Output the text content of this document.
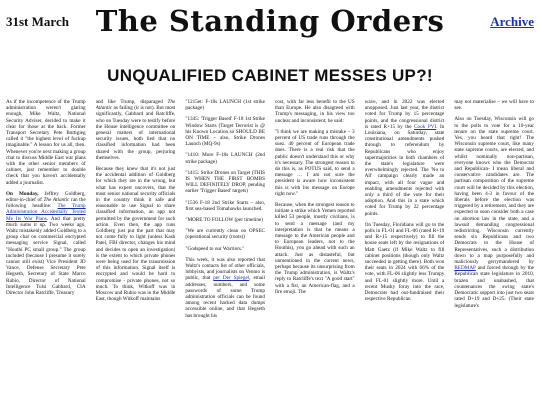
31st March The Standing Orders	Archive
UNQUALIFIED CABINET MESSES UP?!

As if the incompetence of the Trump administration weren't glaring enough, Mike Waltz, National Security Adviser, decided to make it clear for those at the back. Former Transport Secretary Pete Buttigieg called it "the highest level of fuckup imaginable." A lesson for us all, then. Whenever you're next making a group chat to discuss Middle East war plans with the other senior members of cabinet, just remember to double check that you haven't accidentally added a journalist.

On Monday, Jeffrey Goldberg, editor-in-chief of The Atlantic ran the following headline: The Trump Administration Accidentally Texted Me Its War Plans. And that pretty much sums it up. Two weeks ago, Waltz mistakenly added Goldberg to a group chat on commercial encrypted messaging service Signal, called "Houthi PC small group." The group included (because I presume it surely cannot still exist) Vice President JD Vance, Defense Secretary Pete Hegseth, Secretary of State Marco Rubio, Director of National Intelligence Tulsi Gabbard, CIA Director John Ratcliffe, Treasury

and like Trump, disparaged The Atlantic as failing (it is not). But most significantly, Gabbard and Ratcliffe, who on Tuesday were to testify before the House intelligence committee on general matters of international security issues, both lied that no classified information had been shared with the group, perjuring themselves.

Because they knew that it's not just the accidental addition of Goldberg for which they are in the wrong, but what has expert uncovers, that the most senior national security officials in the country think it safe and reasonable to use Signal to share classified information, an app not permitted by the government for such action. Even then, the app runs Goldberg just put the part that may not come fully to light (unless Kash Patel, FBI director, changes his mind and decides to open an investigation) is the extent to which private phones were being used for the transmission of this information. Signal itself is encrypted and would be hard to compromise - private phones, not so much. To think, Witkoff was in Moscow and Rubio was in the Middle East, though Witkoff maintains

"1215et: F-18s LAUNCH (1st strike package)

"1345: 'Trigger Based' F-18 1st Strike Window Starts (Target Terrorist is @ his Known Location so SHOULD BE ON TIME – also, Strike Drones Launch (MQ-9s)

"1410: More F-18s LAUNCH (2nd strike package)

"1415: Strike Drones on Target (THIS IS WHEN THE FIRST BOMBS WILL DEFINITELY DROP, pending earlier 'Trigger Based' targets)

"1536 F-18 2nd Strike Starts – also, first sea-based Tomahawks launched.

"MORE TO FOLLOW (per timeline)

"We are currently clean on OPSEC (operational security (roots))

"Godspeed to our Warriors."

This week, it was also reported that Waltz's contacts list of other officials, lobbyists, and journalists on Venmo is public, that per Der Spiegel, email addresses, numbers, and some passwords of some Trump administration officials can be found among recent hacked data dumps accessible online, and that Hegseth has brought his

cost, with far less benefit to the US than Europe. He also disagreed with Trump's messaging, in his view too unclear and inconsistent; he said:

"I think we are making a mistake – 3 percent of US trade runs through the suez. 40 percent of European trade does. There is a real risk that the public doesn't understand this or why it's necessary. The strongest reason to do this is, as POTUS said, to send a message … I am not sure the president is aware how inconsistent this is with his message on Europe right now."

Because, when the strongest reason to initiate a strike which Yemen reported killed 53 people, mostly civilians, is to send a message (and my interpretation is that he means a message to the American people and to European leaders, not to the Houthis), you go ahead with such an attack. Just as distasteful, but unmentioned in the current news, perhaps because its unsurprising from the Trump administration, is Waltz's reply to Ratcliffe's text "A good start" with a fist, an American-flag, and a fire emoji. The

wave, and in 2022 was elected unopposed. Just last year, the district voted for Trump by 15 percentage points, and the congressional district is rated R+15 by the Cook PVI. In Louisiana, on Saturday, state constitutional amendments pushed through to referendum by Republicans who enjoy supermajorities in both chambers of the state's legislature were overwhelmingly rejected. The 'No to All' campaign clearly made an impact, with all four vague and enabling amendments rejected with only a third of the vote for their adoption. And this in a state which voted for Trump by 22 percentage points.

On Tuesday, Floridians will go to the polls in FL-01 and FL-06 (rated R+19 and R+15 respectively) to fill the house seats left by the resignations of Matt Gaetz (if Mike Waltz to fill cabinet positions (though only Waltz succeeded in getting there). Both won their seats in 2024 with 66% of the vote, with FL-06 slightly less Trumpy and FL-01 slightly more. Until a recent Musky foray into the race, Democrats had out-fundraised their respective Republican

may not materialise – we will have to see.

Also on Tuesday, Wisconsin will go to the polls to vote for a 10-year tenure on the state supreme court. Yes, you heard that right! The Wisconsin supreme court, like many state supreme courts, are elected, and whilst nominally non-partisan, everyone knows who the Democrat and Republican- I mean liberal and conservative candidates are. The partisan composition of the supreme court will be decided by this election, having been 4-3 in favour of the liberals before the election was triggered by a retirement, and they are expected to soon consider both a case on abortion law in the state, and a lawsuit demanding congressional redistricting. Wisconsin currently sends six Republicans and two Democrats to the House of Representatives, such a distribution down to a map purposefully and maliciously gerrymandered by REDMAP and forced through by the Republican state legislature in 2010, brazen and unabashed, that countenances the swing state's Democratic support into just two seats rated D+19 and D+25. (Their state legislature's
